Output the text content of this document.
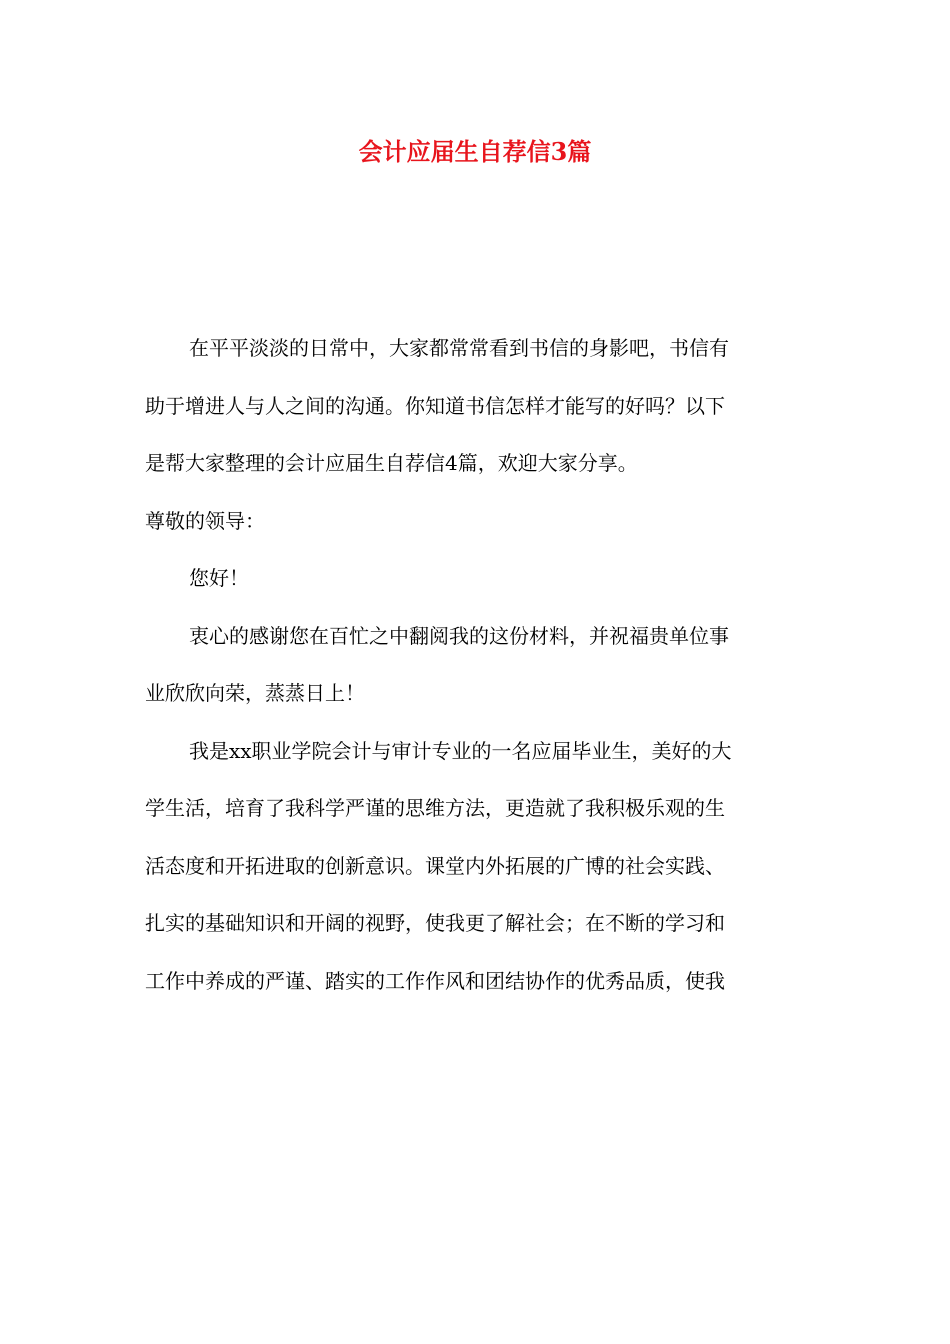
会计应届生自荐信3篇
在平平淡淡的日常中，大家都常常看到书信的身影吧，书信有
助于增进人与人之间的沟通。你知道书信怎样才能写的好吗？以下
是帮大家整理的会计应届生自荐信4篇，欢迎大家分享。
尊敬的领导：
您好！
衷心的感谢您在百忙之中翻阅我的这份材料，并祝福贵单位事
业欣欣向荣，蒸蒸日上！
我是xx职业学院会计与审计专业的一名应届毕业生，美好的大
学生活，培育了我科学严谨的思维方法，更造就了我积极乐观的生
活态度和开拓进取的创新意识。课堂内外拓展的广博的社会实践、
扎实的基础知识和开阔的视野，使我更了解社会；在不断的学习和
工作中养成的严谨、踏实的工作作风和团结协作的优秀品质，使我
